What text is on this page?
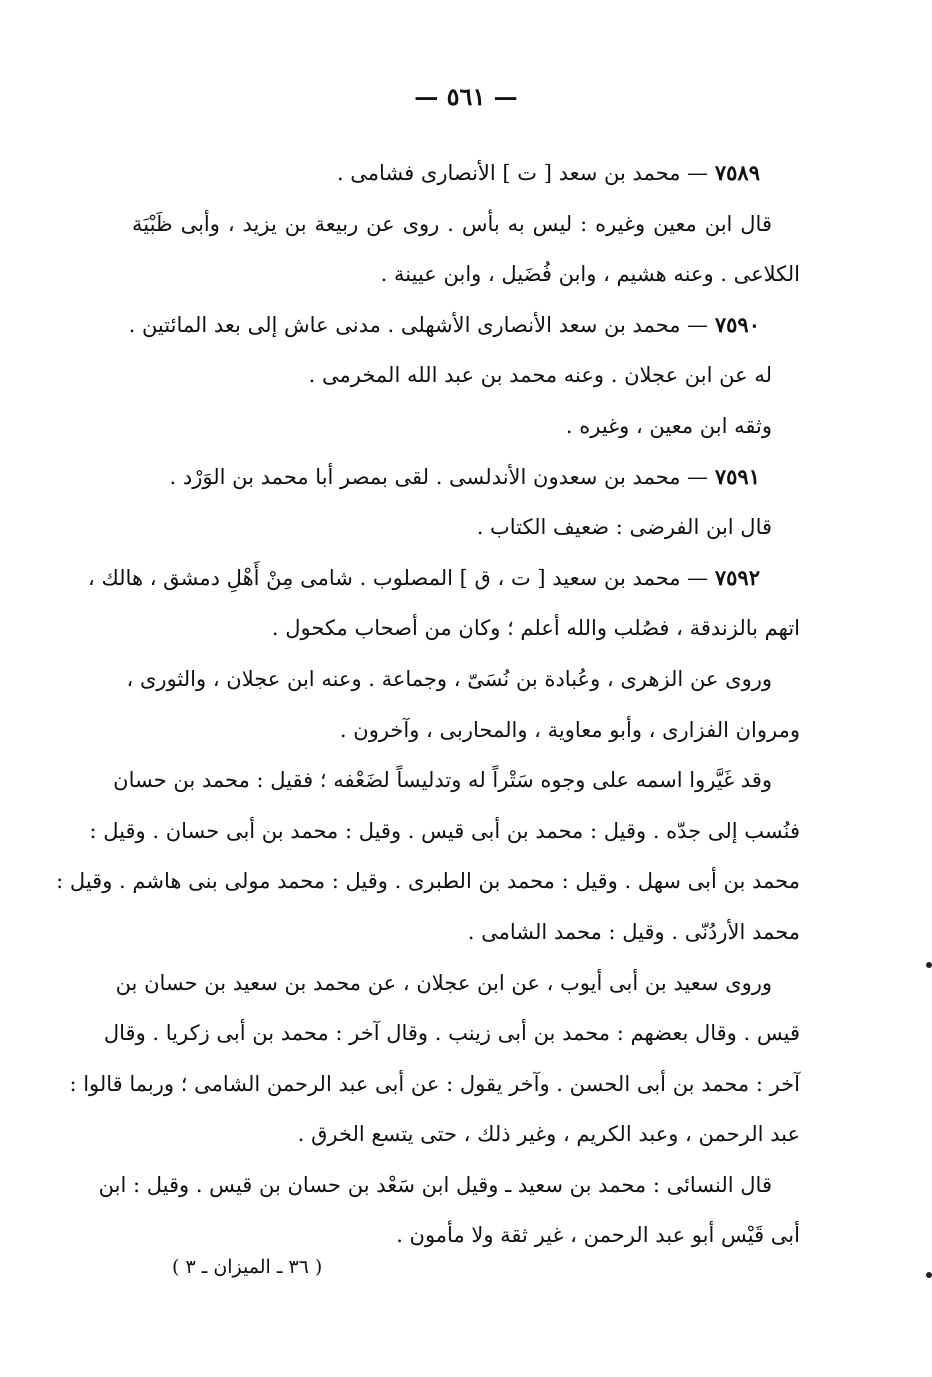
— ٥٦١ —
٧٥٨٩ — محمد بن سعد [ ت ] الأنصارى فشامى .
قال ابن معين وغيره : ليس به بأس . روى عن ربيعة بن يزيد ، وأبى ظَبْيَة
الكلاعى . وعنه هشيم ، وابن فُضَيل ، وابن عيينة .
٧٥٩٠ — محمد بن سعد الأنصارى الأشهلى . مدنى عاش إلى بعد المائتين .
له عن ابن عجلان . وعنه محمد بن عبد الله المخرمى .
وثقه ابن معين ، وغيره .
٧٥٩١ — محمد بن سعدون الأندلسى . لقى بمصر أبا محمد بن الوَرْد .
قال ابن الفرضى : ضعيف الكتاب .
٧٥٩٢ — محمد بن سعيد [ ت ، ق ] المصلوب . شامى مِنْ أَهْلِ دمشق ، هالك ،
اتهم بالزندقة ، فصُلب والله أعلم ؛ وكان من أصحاب مكحول .
وروى عن الزهرى ، وعُبادة بن نُسَىّ ، وجماعة . وعنه ابن عجلان ، والثورى ،
ومروان الفزارى ، وأبو معاوية ، والمحاربى ، وآخرون .
وقد غَيَّروا اسمه على وجوه سَتْراً له وتدليساً لضَعْفه ؛ فقيل : محمد بن حسان
فنُسب إلى جدّه . وقيل : محمد بن أبى قيس . وقيل : محمد بن أبى حسان . وقيل :
محمد بن أبى سهل . وقيل : محمد بن الطبرى . وقيل : محمد مولى بنى هاشم . وقيل :
محمد الأردُنّى . وقيل : محمد الشامى .
وروى سعيد بن أبى أيوب ، عن ابن عجلان ، عن محمد بن سعيد بن حسان بن
قيس . وقال بعضهم : محمد بن أبى زينب . وقال آخر : محمد بن أبى زكريا . وقال
آخر : محمد بن أبى الحسن . وآخر يقول : عن أبى عبد الرحمن الشامى ؛ وربما قالوا :
عبد الرحمن ، وعبد الكريم ، وغير ذلك ، حتى يتسع الخرق .
قال النسائى : محمد بن سعيد ـ وقيل ابن سَعْد بن حسان بن قيس . وقيل : ابن
أبى قَيْس أبو عبد الرحمن ، غير ثقة ولا مأمون .
( ٣٦ ـ الميزان ـ ٣ )
